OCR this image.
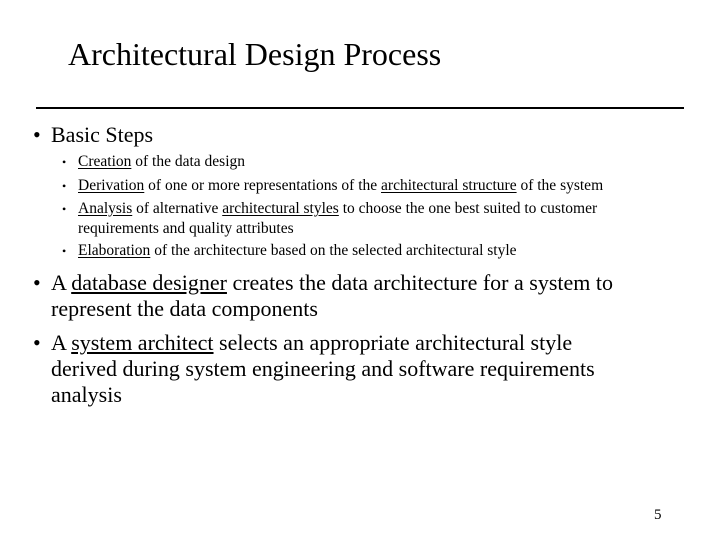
Architectural Design Process
• Basic Steps
• Creation of the data design
• Derivation of one or more representations of the architectural structure of the system
• Analysis of alternative architectural styles to choose the one best suited to customer
requirements and quality attributes
• Elaboration of the architecture based on the selected architectural style
• A database designer creates the data architecture for a system to
represent the data components
• A system architect selects an appropriate architectural style
derived during system engineering and software requirements
analysis
5
